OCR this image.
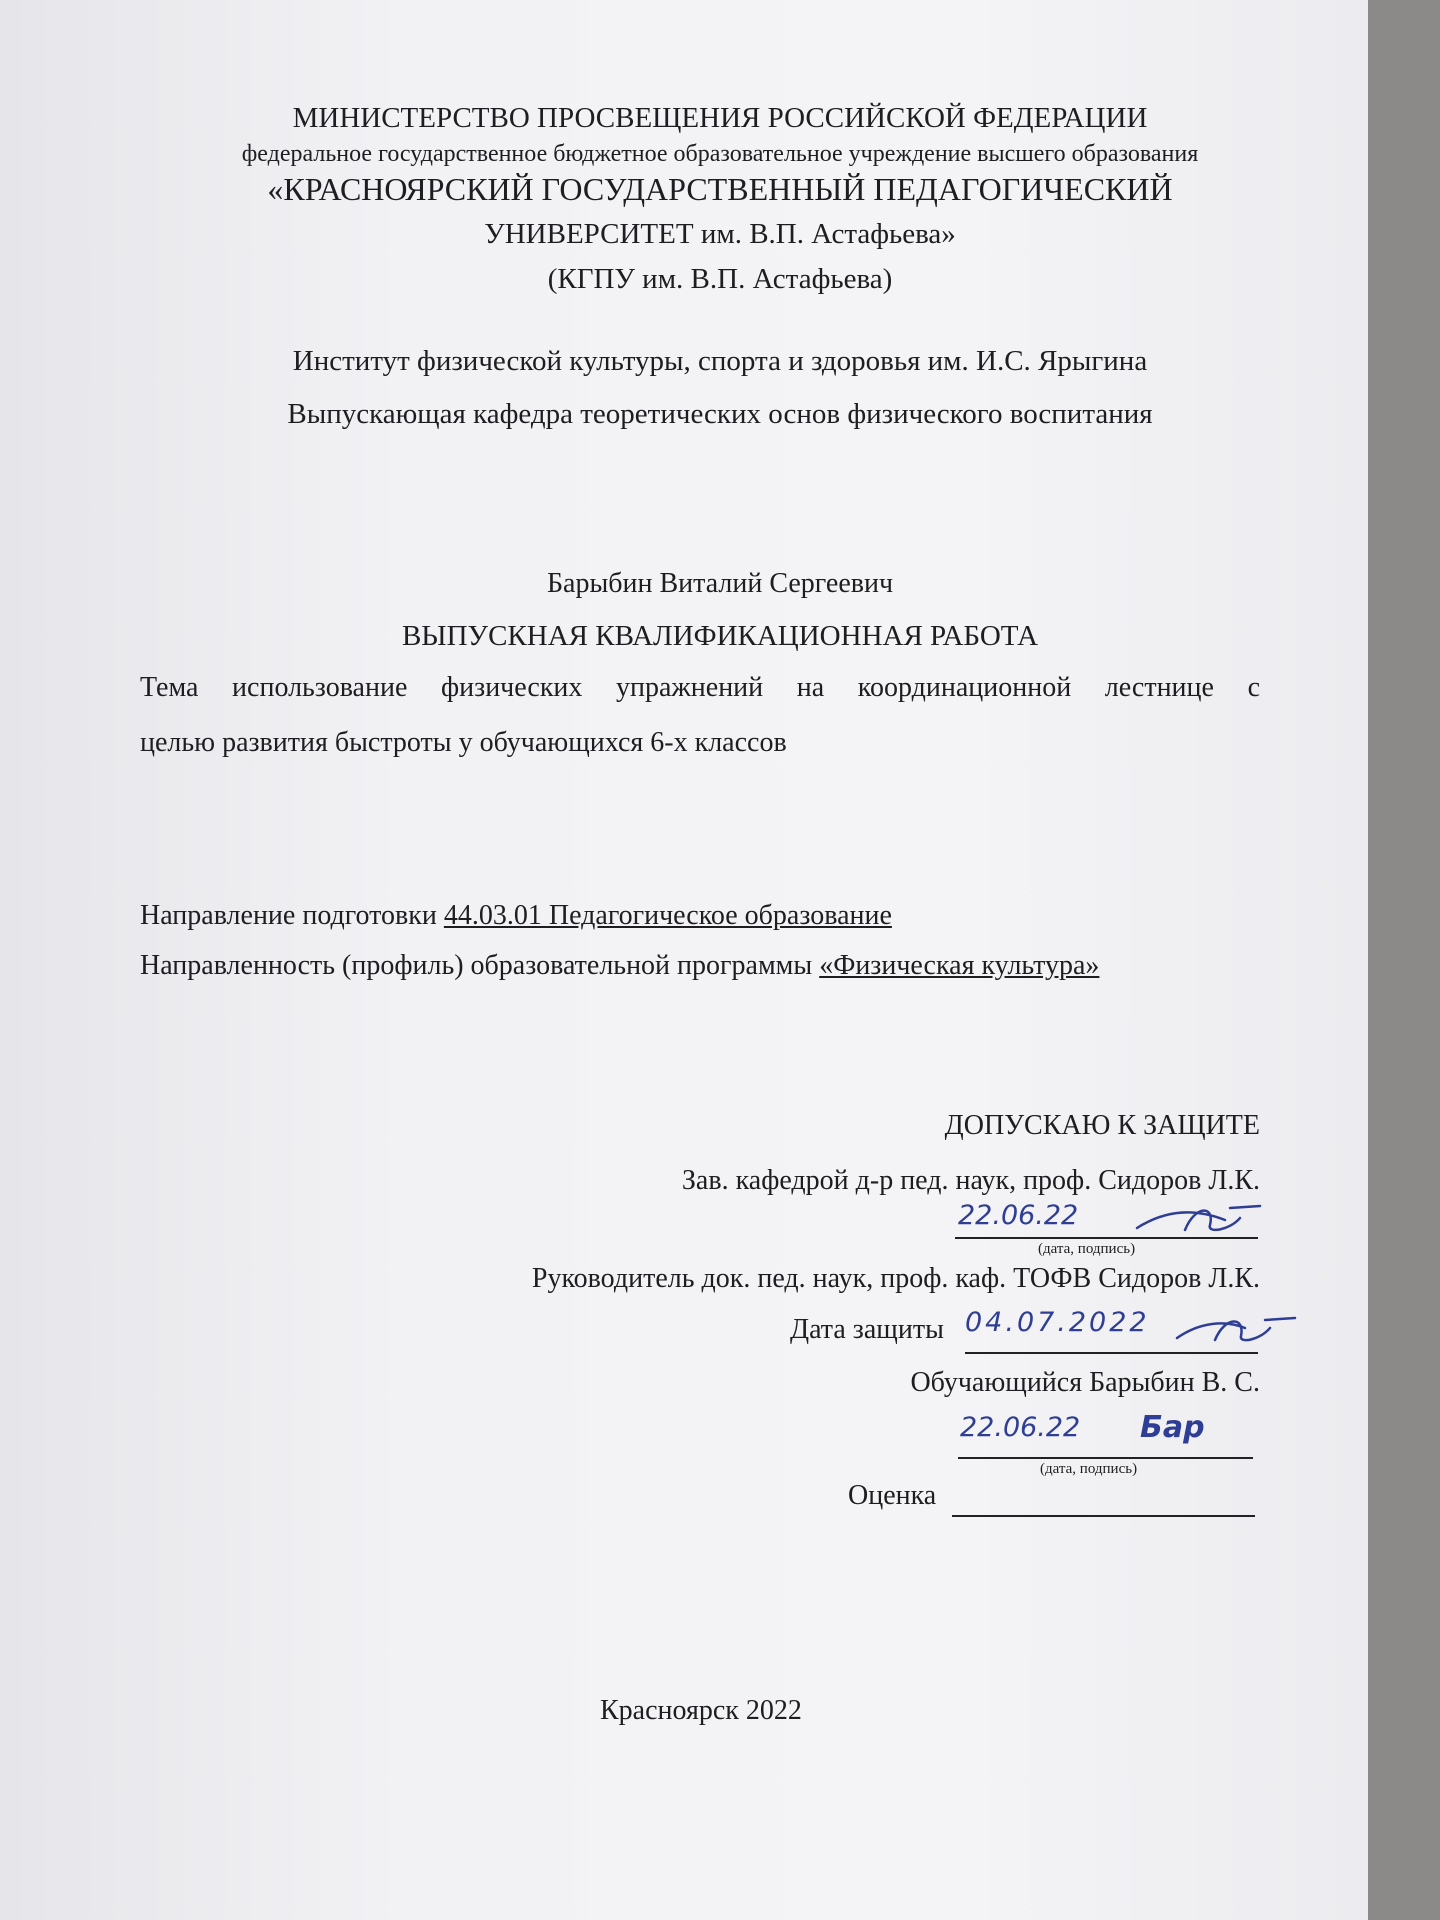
МИНИСТЕРСТВО ПРОСВЕЩЕНИЯ РОССИЙСКОЙ ФЕДЕРАЦИИ
федеральное государственное бюджетное образовательное учреждение высшего образования
«КРАСНОЯРСКИЙ ГОСУДАРСТВЕННЫЙ ПЕДАГОГИЧЕСКИЙ
УНИВЕРСИТЕТ им. В.П. Астафьева»
(КГПУ им. В.П. Астафьева)
Институт физической культуры, спорта и здоровья им. И.С. Ярыгина
Выпускающая кафедра теоретических основ физического воспитания
Барыбин Виталий Сергеевич
ВЫПУСКНАЯ КВАЛИФИКАЦИОННАЯ РАБОТА
Тема использование физических упражнений на координационной лестнице с
целью развития быстроты у обучающихся 6-х классов
Направление подготовки 44.03.01 Педагогическое образование
Направленность (профиль) образовательной программы «Физическая культура»
ДОПУСКАЮ К ЗАЩИТЕ
Зав. кафедрой д-р пед. наук, проф. Сидоров Л.К.
22.06.22
(дата, подпись)
Руководитель док. пед. наук, проф. каф. ТОФВ Сидоров Л.К.
Дата защиты 04.07.2022
Обучающийся Барыбин В. С.
22.06.22 Бар
(дата, подпись)
Оценка
Красноярск 2022
